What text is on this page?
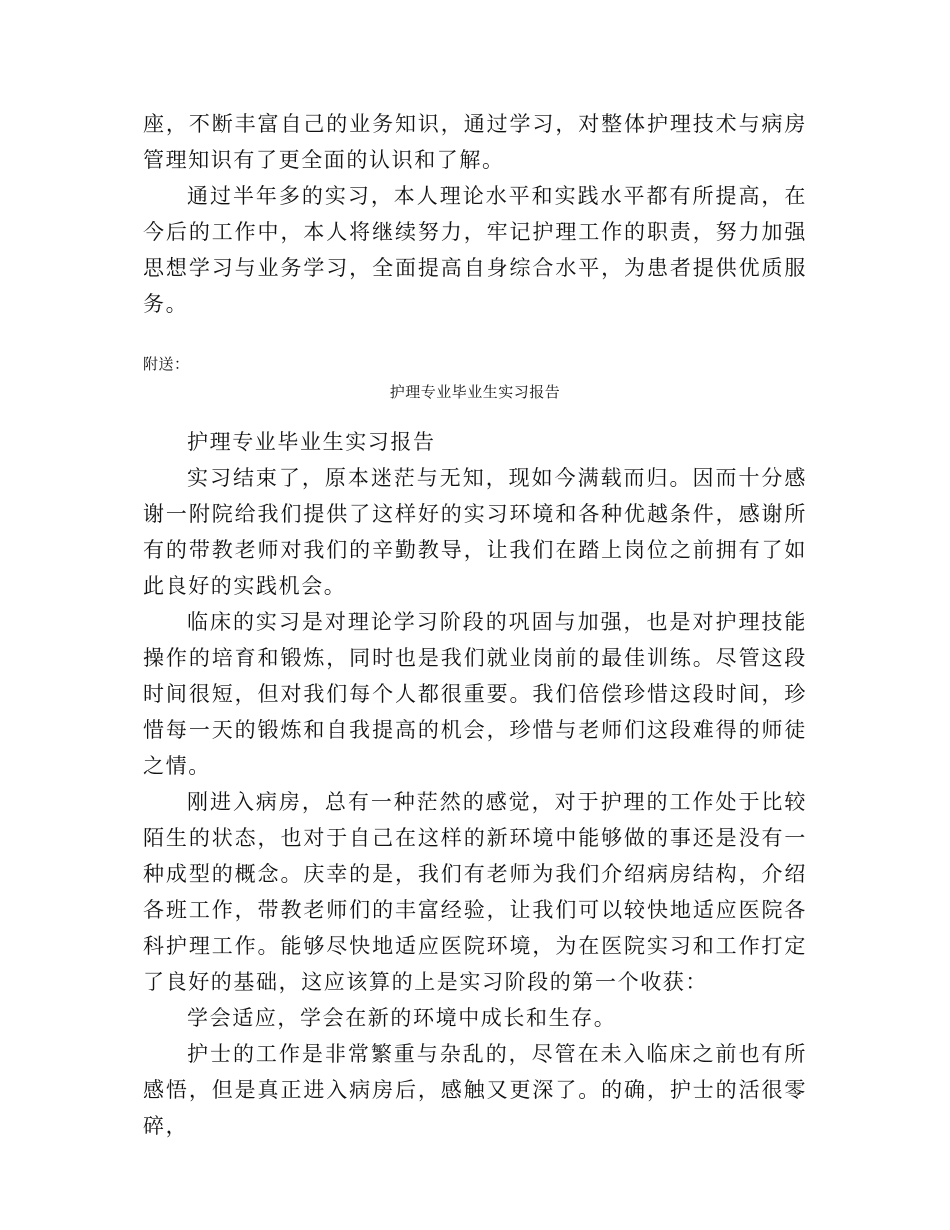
座，不断丰富自己的业务知识，通过学习，对整体护理技术与病房管理知识有了更全面的认识和了解。

通过半年多的实习，本人理论水平和实践水平都有所提高，在今后的工作中，本人将继续努力，牢记护理工作的职责，努力加强思想学习与业务学习，全面提高自身综合水平，为患者提供优质服务。

附送：
护理专业毕业生实习报告

护理专业毕业生实习报告

实习结束了，原本迷茫与无知，现如今满载而归。因而十分感谢一附院给我们提供了这样好的实习环境和各种优越条件，感谢所有的带教老师对我们的辛勤教导，让我们在踏上岗位之前拥有了如此良好的实践机会。

临床的实习是对理论学习阶段的巩固与加强，也是对护理技能操作的培育和锻炼，同时也是我们就业岗前的最佳训练。尽管这段时间很短，但对我们每个人都很重要。我们倍偿珍惜这段时间，珍惜每一天的锻炼和自我提高的机会，珍惜与老师们这段难得的师徒之情。

刚进入病房，总有一种茫然的感觉，对于护理的工作处于比较陌生的状态，也对于自己在这样的新环境中能够做的事还是没有一种成型的概念。庆幸的是，我们有老师为我们介绍病房结构，介绍各班工作，带教老师们的丰富经验，让我们可以较快地适应医院各科护理工作。能够尽快地适应医院环境，为在医院实习和工作打定了良好的基础，这应该算的上是实习阶段的第一个收获：

学会适应，学会在新的环境中成长和生存。

护士的工作是非常繁重与杂乱的，尽管在未入临床之前也有所感悟，但是真正进入病房后，感触又更深了。的确，护士的活很零碎，
